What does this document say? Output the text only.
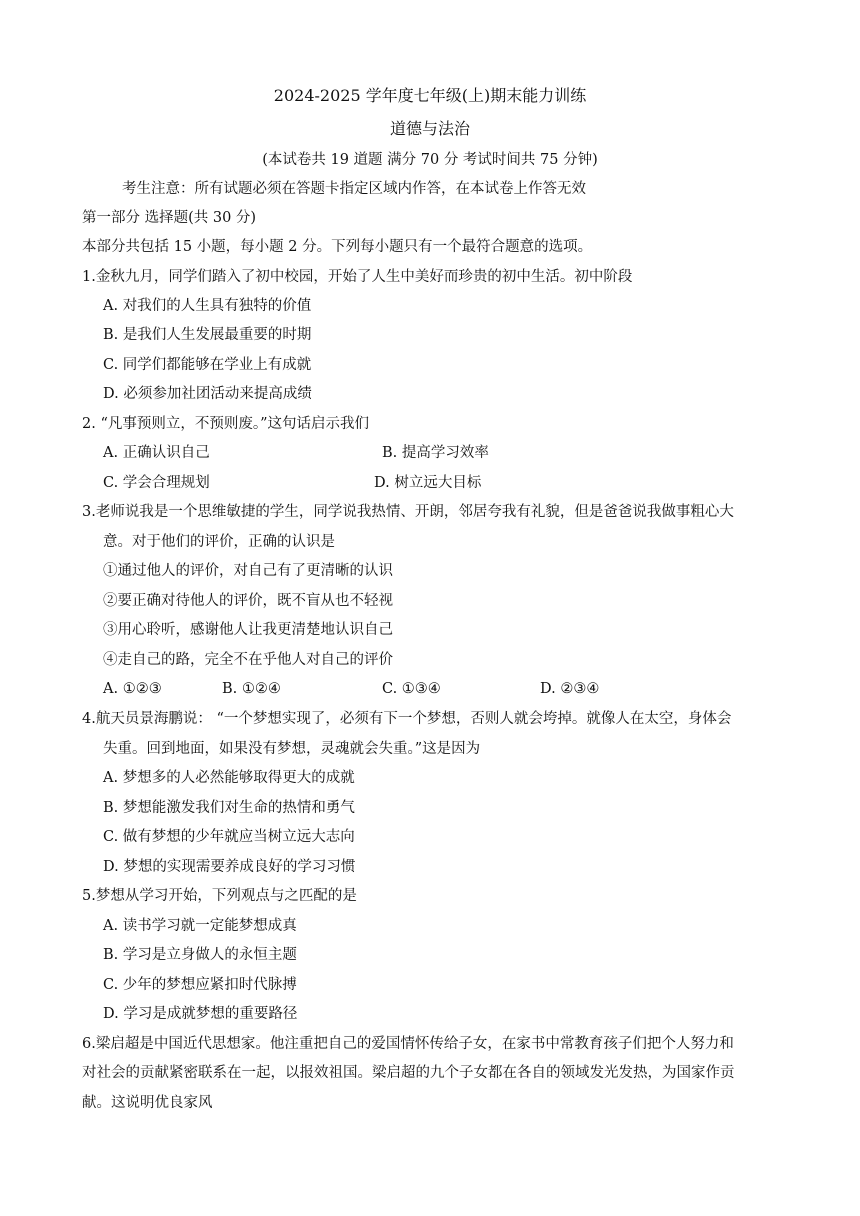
2024-2025 学年度七年级(上)期末能力训练
道德与法治
(本试卷共 19 道题 满分 70 分 考试时间共 75 分钟)
考生注意：所有试题必须在答题卡指定区域内作答，在本试卷上作答无效
第一部分 选择题(共 30 分)
本部分共包括 15 小题，每小题 2 分。下列每小题只有一个最符合题意的选项。
1.金秋九月，同学们踏入了初中校园，开始了人生中美好而珍贵的初中生活。初中阶段
A. 对我们的人生具有独特的价值
B. 是我们人生发展最重要的时期
C. 同学们都能够在学业上有成就
D. 必须参加社团活动来提高成绩
2. “凡事预则立，不预则废。”这句话启示我们
A. 正确认识自己	B. 提高学习效率
C. 学会合理规划	D. 树立远大目标
3.老师说我是一个思维敏捷的学生，同学说我热情、开朗，邻居夸我有礼貌，但是爸爸说我做事粗心大
意。对于他们的评价，正确的认识是
①通过他人的评价，对自己有了更清晰的认识
②要正确对待他人的评价，既不盲从也不轻视
③用心聆听，感谢他人让我更清楚地认识自己
④走自己的路，完全不在乎他人对自己的评价
A. ①②③	B. ①②④	C. ①③④	D. ②③④
4.航天员景海鹏说： “一个梦想实现了，必须有下一个梦想，否则人就会垮掉。就像人在太空，身体会
失重。回到地面，如果没有梦想，灵魂就会失重。”这是因为
A. 梦想多的人必然能够取得更大的成就
B. 梦想能激发我们对生命的热情和勇气
C. 做有梦想的少年就应当树立远大志向
D. 梦想的实现需要养成良好的学习习惯
5.梦想从学习开始，下列观点与之匹配的是
A. 读书学习就一定能梦想成真
B. 学习是立身做人的永恒主题
C. 少年的梦想应紧扣时代脉搏
D. 学习是成就梦想的重要路径
6.梁启超是中国近代思想家。他注重把自己的爱国情怀传给子女，在家书中常教育孩子们把个人努力和
对社会的贡献紧密联系在一起，以报效祖国。梁启超的九个子女都在各自的领域发光发热，为国家作贡
献。这说明优良家风
